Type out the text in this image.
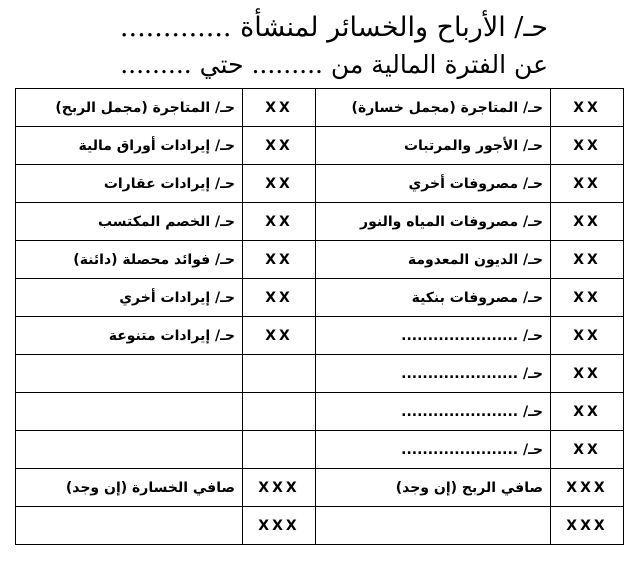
حـ/ الأرباح والخسائر لمنشأة .............
عن الفترة المالية من ......... حتي .........
حـ/ المتاجرة (مجمل الربح)	XX	حـ/ المتاجرة (مجمل خسارة)	XX
حـ/ إيرادات أوراق مالية	XX	حـ/ الأجور والمرتبات	XX
حـ/ إيرادات عقارات	XX	حـ/ مصروفات أخري	XX
حـ/ الخصم المكتسب	XX	حـ/ مصروفات المياه والنور	XX
حـ/ فوائد محصلة (دائنة)	XX	حـ/ الديون المعدومة	XX
حـ/ إيرادات أخري	XX	حـ/ مصروفات بنكية	XX
حـ/ إيرادات متنوعة	XX	حـ/ ......................	XX
		حـ/ ......................	XX
		حـ/ ......................	XX
		حـ/ ......................	XX
صافي الخسارة (إن وجد)	XXX	صافي الربح (إن وجد)	XXX
	XXX		XXX
